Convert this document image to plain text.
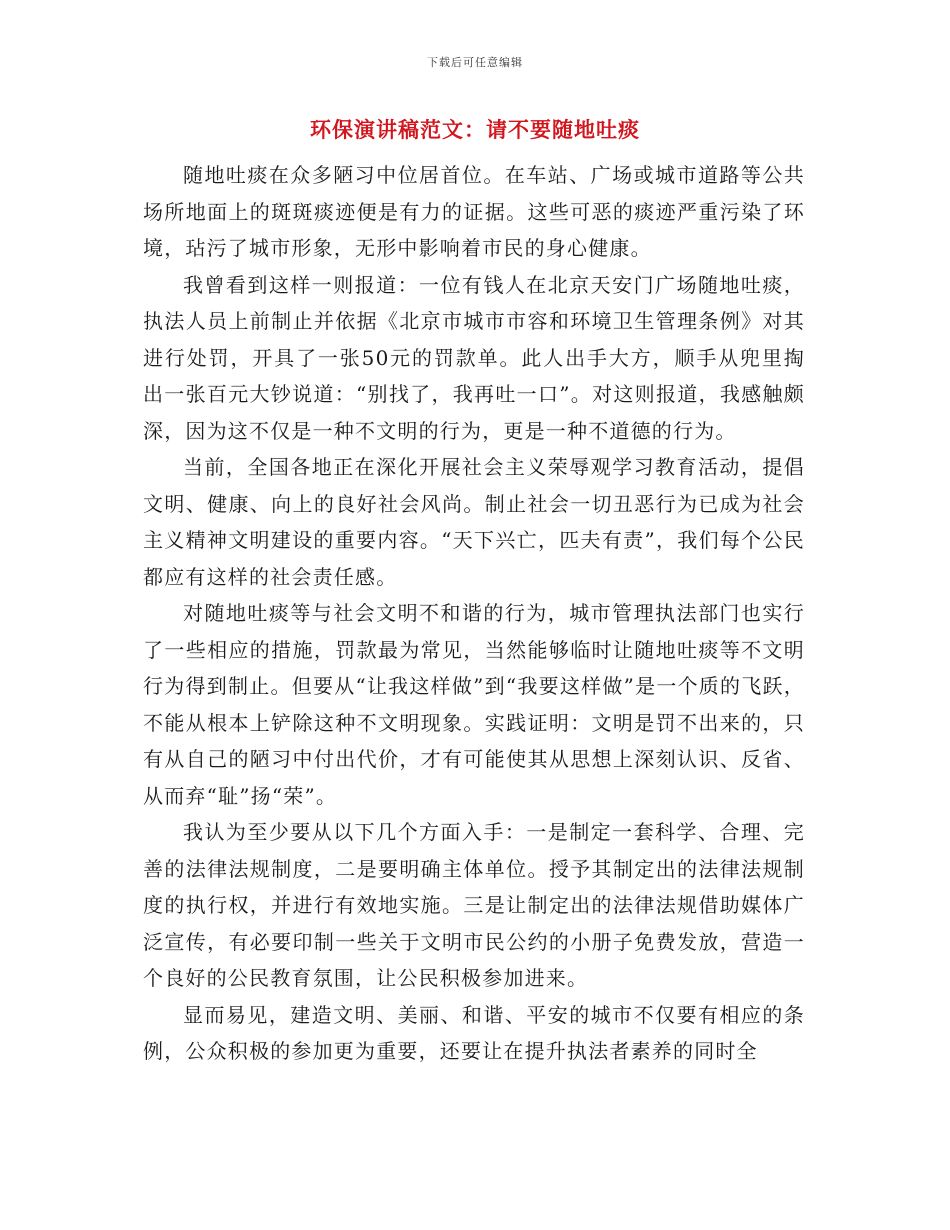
下载后可任意编辑
环保演讲稿范文：请不要随地吐痰

随地吐痰在众多陋习中位居首位。在车站、广场或城市道路等公共场所地面上的斑斑痰迹便是有力的证据。这些可恶的痰迹严重污染了环境，玷污了城市形象，无形中影响着市民的身心健康。

我曾看到这样一则报道：一位有钱人在北京天安门广场随地吐痰，执法人员上前制止并依据《北京市城市市容和环境卫生管理条例》对其进行处罚，开具了一张50元的罚款单。此人出手大方，顺手从兜里掏出一张百元大钞说道：“别找了，我再吐一口”。对这则报道，我感触颇深，因为这不仅是一种不文明的行为，更是一种不道德的行为。

当前，全国各地正在深化开展社会主义荣辱观学习教育活动，提倡文明、健康、向上的良好社会风尚。制止社会一切丑恶行为已成为社会主义精神文明建设的重要内容。“天下兴亡，匹夫有责”，我们每个公民都应有这样的社会责任感。

对随地吐痰等与社会文明不和谐的行为，城市管理执法部门也实行了一些相应的措施，罚款最为常见，当然能够临时让随地吐痰等不文明行为得到制止。但要从“让我这样做”到“我要这样做”是一个质的飞跃，不能从根本上铲除这种不文明现象。实践证明：文明是罚不出来的，只有从自己的陋习中付出代价，才有可能使其从思想上深刻认识、反省、从而弃“耻”扬“荣”。

我认为至少要从以下几个方面入手：一是制定一套科学、合理、完善的法律法规制度，二是要明确主体单位。授予其制定出的法律法规制度的执行权，并进行有效地实施。三是让制定出的法律法规借助媒体广泛宣传，有必要印制一些关于文明市民公约的小册子免费发放，营造一个良好的公民教育氛围，让公民积极参加进来。

显而易见，建造文明、美丽、和谐、平安的城市不仅要有相应的条例，公众积极的参加更为重要，还要让在提升执法者素养的同时全
